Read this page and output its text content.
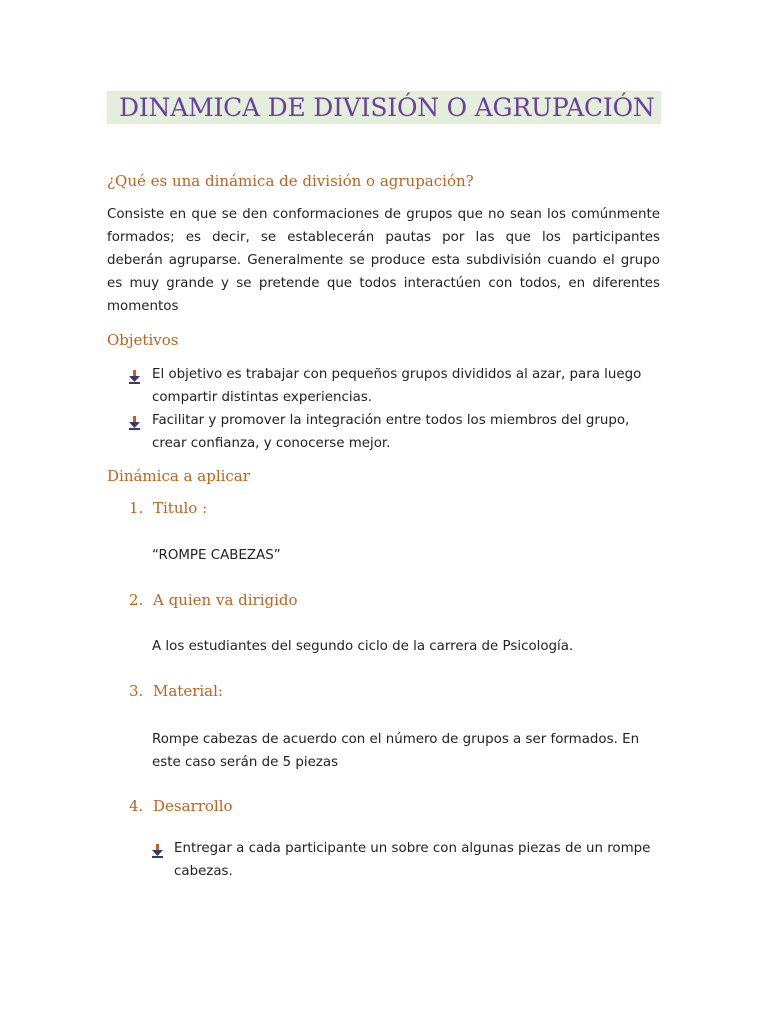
DINAMICA DE DIVISIÓN O AGRUPACIÓN
¿Qué es una dinámica de división o agrupación?
Consiste en que se den conformaciones de grupos que no sean los comúnmente
formados; es decir, se establecerán pautas por las que los participantes
deberán agruparse. Generalmente se produce esta subdivisión cuando el grupo
es muy grande y se pretende que todos interactúen con todos, en diferentes
momentos
Objetivos
El objetivo es trabajar con pequeños grupos divididos al azar, para luego
compartir distintas experiencias.
Facilitar y promover la integración entre todos los miembros del grupo,
crear confianza, y conocerse mejor.
Dinámica a aplicar
1. Titulo :
“ROMPE CABEZAS”
2. A quien va dirigido
A los estudiantes del segundo ciclo de la carrera de Psicología.
3. Material:
Rompe cabezas de acuerdo con el número de grupos a ser formados. En
este caso serán de 5 piezas
4. Desarrollo
Entregar a cada participante un sobre con algunas piezas de un rompe
cabezas.
